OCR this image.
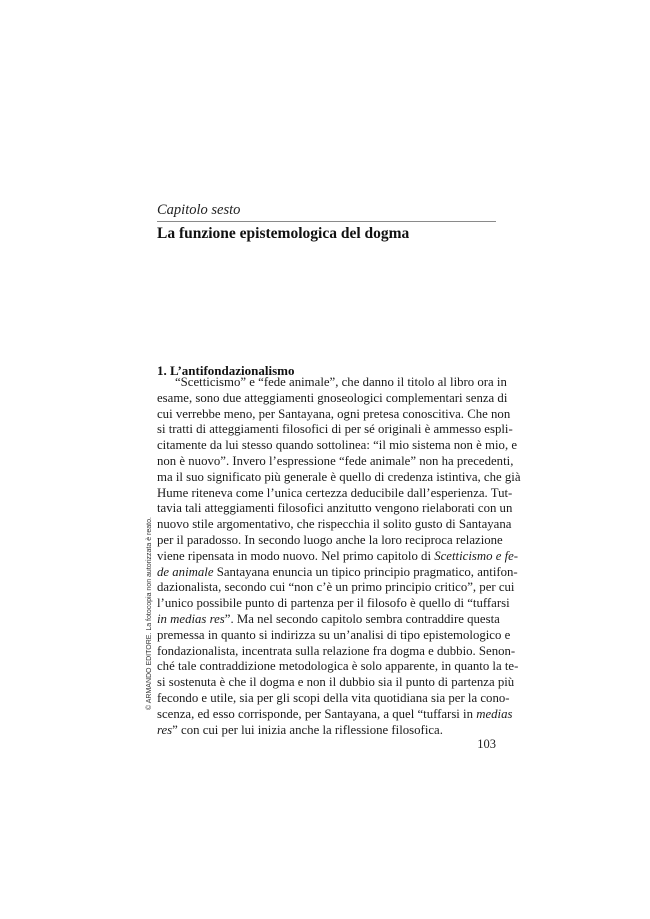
Capitolo sesto
La funzione epistemologica del dogma
1. L’antifondazionalismo
“Scetticismo” e “fede animale”, che danno il titolo al libro ora in
esame, sono due atteggiamenti gnoseologici complementari senza di
cui verrebbe meno, per Santayana, ogni pretesa conoscitiva. Che non
si tratti di atteggiamenti filosofici di per sé originali è ammesso espli-
citamente da lui stesso quando sottolinea: “il mio sistema non è mio, e
non è nuovo”. Invero l’espressione “fede animale” non ha precedenti,
ma il suo significato più generale è quello di credenza istintiva, che già
Hume riteneva come l’unica certezza deducibile dall’esperienza. Tut-
tavia tali atteggiamenti filosofici anzitutto vengono rielaborati con un
nuovo stile argomentativo, che rispecchia il solito gusto di Santayana
per il paradosso. In secondo luogo anche la loro reciproca relazione
viene ripensata in modo nuovo. Nel primo capitolo di Scetticismo e fe-
de animale Santayana enuncia un tipico principio pragmatico, antifon-
dazionalista, secondo cui “non c’è un primo principio critico”, per cui
l’unico possibile punto di partenza per il filosofo è quello di “tuffarsi
in medias res”. Ma nel secondo capitolo sembra contraddire questa
premessa in quanto si indirizza su un’analisi di tipo epistemologico e
fondazionalista, incentrata sulla relazione fra dogma e dubbio. Senon-
ché tale contraddizione metodologica è solo apparente, in quanto la te-
si sostenuta è che il dogma e non il dubbio sia il punto di partenza più
fecondo e utile, sia per gli scopi della vita quotidiana sia per la cono-
scenza, ed esso corrisponde, per Santayana, a quel “tuffarsi in medias
res” con cui per lui inizia anche la riflessione filosofica.
103
© ARMANDO EDITORE. La fotocopia non autorizzata è reato.
